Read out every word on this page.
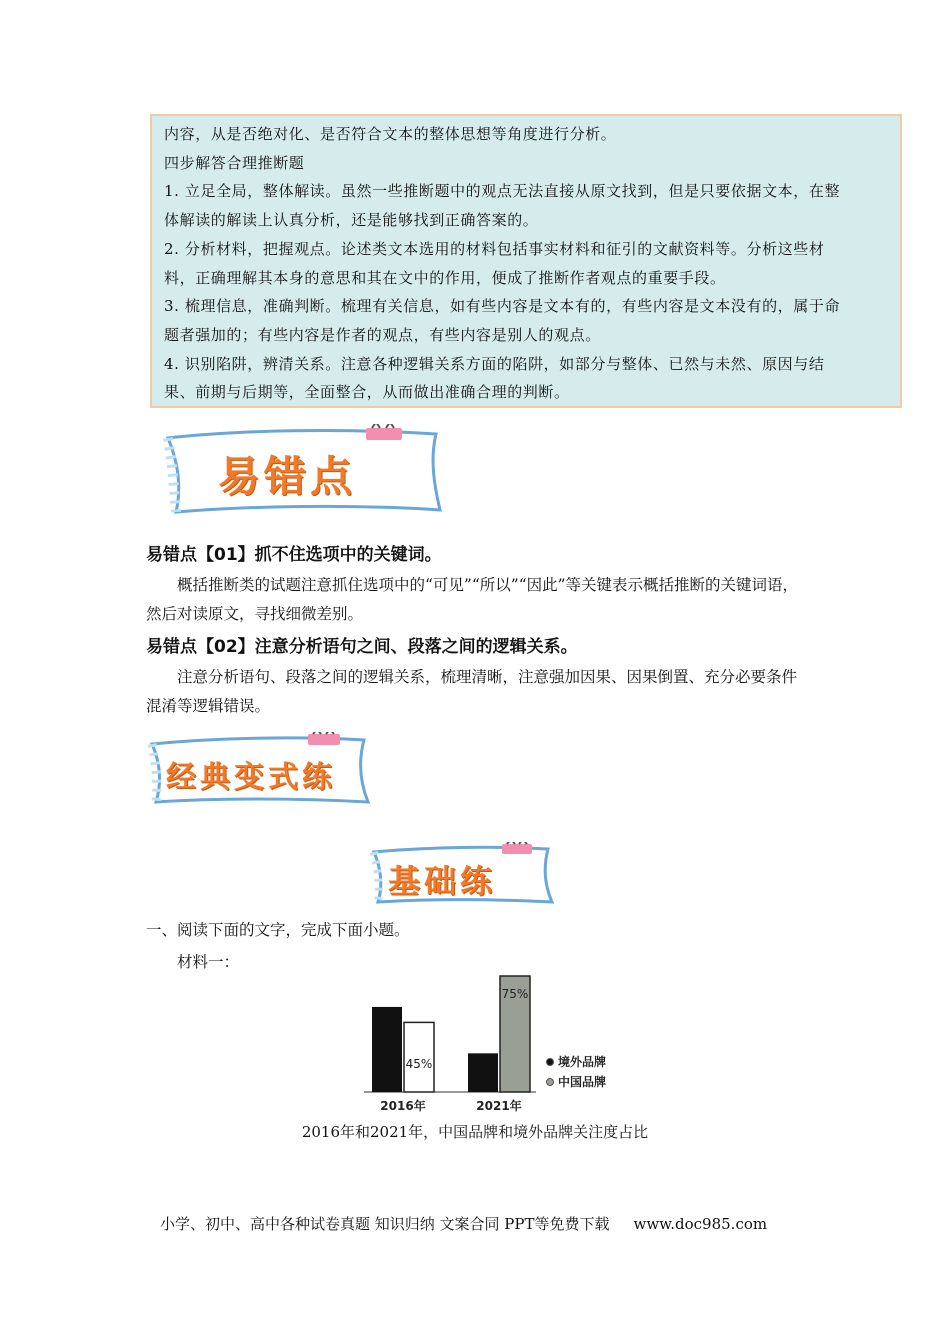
内容，从是否绝对化、是否符合文本的整体思想等角度进行分析。

四步解答合理推断题

1. 立足全局，整体解读。虽然一些推断题中的观点无法直接从原文找到，但是只要依据文本，在整

体解读的解读上认真分析，还是能够找到正确答案的。

2. 分析材料，把握观点。论述类文本选用的材料包括事实材料和征引的文献资料等。分析这些材

料，正确理解其本身的意思和其在文中的作用，便成了推断作者观点的重要手段。

3. 梳理信息，准确判断。梳理有关信息，如有些内容是文本有的，有些内容是文本没有的，属于命

题者强加的；有些内容是作者的观点，有些内容是别人的观点。

4. 识别陷阱，辨清关系。注意各种逻辑关系方面的陷阱，如部分与整体、已然与未然、原因与结

果、前期与后期等，全面整合，从而做出准确合理的判断。

易错点

易错点【01】抓不住选项中的关键词。

概括推断类的试题注意抓住选项中的“可见”“所以”“因此”等关键表示概括推断的关键词语，然后对读原文，寻找细微差别。

易错点【02】注意分析语句之间、段落之间的逻辑关系。

注意分析语句、段落之间的逻辑关系，梳理清晰，注意强加因果、因果倒置、充分必要条件混淆等逻辑错误。

经典变式练
基础练

一、阅读下面的文字，完成下面小题。

材料一：

45%
2016年
75%
2021年
境外品牌
中国品牌

2016年和2021年，中国品牌和境外品牌关注度占比

小学、初中、高中各种试卷真题 知识归纳 文案合同 PPT等免费下载 www.doc985.com
